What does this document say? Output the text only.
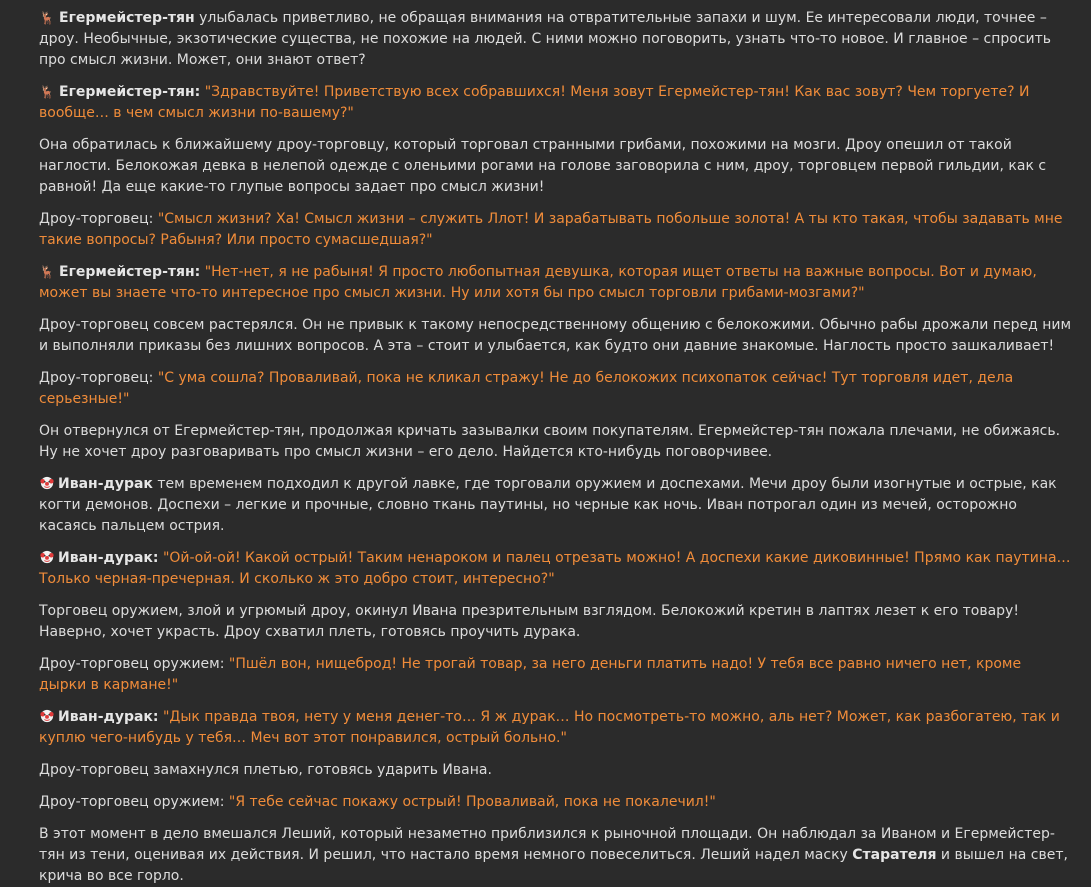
🦌Егермейстер-тян улыбалась приветливо, не обращая внимания на отвратительные запахи и шум. Ее интересовали люди, точнее – дроу. Необычные, экзотические существа, не похожие на людей. С ними можно поговорить, узнать что-то новое. И главное – спросить про смысл жизни. Может, они знают ответ?

🦌Егермейстер-тян: "Здравствуйте! Приветствую всех собравшихся! Меня зовут Егермейстер-тян! Как вас зовут? Чем торгуете? И вообще… в чем смысл жизни по-вашему?"

Она обратилась к ближайшему дроу-торговцу, который торговал странными грибами, похожими на мозги. Дроу опешил от такой наглости. Белокожая девка в нелепой одежде с оленьими рогами на голове заговорила с ним, дроу, торговцем первой гильдии, как с равной! Да еще какие-то глупые вопросы задает про смысл жизни!

Дроу-торговец: "Смысл жизни? Ха! Смысл жизни – служить Ллот! И зарабатывать побольше золота! А ты кто такая, чтобы задавать мне такие вопросы? Рабыня? Или просто сумасшедшая?"

🦌Егермейстер-тян: "Нет-нет, я не рабыня! Я просто любопытная девушка, которая ищет ответы на важные вопросы. Вот и думаю, может вы знаете что-то интересное про смысл жизни. Ну или хотя бы про смысл торговли грибами-мозгами?"

Дроу-торговец совсем растерялся. Он не привык к такому непосредственному общению с белокожими. Обычно рабы дрожали перед ним и выполняли приказы без лишних вопросов. А эта – стоит и улыбается, как будто они давние знакомые. Наглость просто зашкаливает!

Дроу-торговец: "С ума сошла? Проваливай, пока не кликал стражу! Не до белокожих психопаток сейчас! Тут торговля идет, дела серьезные!"

Он отвернулся от Егермейстер-тян, продолжая кричать зазывалки своим покупателям. Егермейстер-тян пожала плечами, не обижаясь. Ну не хочет дроу разговаривать про смысл жизни – его дело. Найдется кто-нибудь поговорчивее.

Иван-дурак тем временем подходил к другой лавке, где торговали оружием и доспехами. Мечи дроу были изогнутые и острые, как когти демонов. Доспехи – легкие и прочные, словно ткань паутины, но черные как ночь. Иван потрогал один из мечей, осторожно касаясь пальцем острия.

Иван-дурак: "Ой-ой-ой! Какой острый! Таким ненароком и палец отрезать можно! А доспехи какие диковинные! Прямо как паутина… Только черная-пречерная. И сколько ж это добро стоит, интересно?"

Торговец оружием, злой и угрюмый дроу, окинул Ивана презрительным взглядом. Белокожий кретин в лаптях лезет к его товару! Наверно, хочет украсть. Дроу схватил плеть, готовясь проучить дурака.

Дроу-торговец оружием: "Пшёл вон, нищеброд! Не трогай товар, за него деньги платить надо! У тебя все равно ничего нет, кроме дырки в кармане!"

Иван-дурак: "Дык правда твоя, нету у меня денег-то… Я ж дурак… Но посмотреть-то можно, аль нет? Может, как разбогатею, так и куплю чего-нибудь у тебя… Меч вот этот понравился, острый больно."

Дроу-торговец замахнулся плетью, готовясь ударить Ивана.

Дроу-торговец оружием: "Я тебе сейчас покажу острый! Проваливай, пока не покалечил!"

В этот момент в дело вмешался Леший, который незаметно приблизился к рыночной площади. Он наблюдал за Иваном и Егермейстер-тян из тени, оценивая их действия. И решил, что настало время немного повеселиться. Леший надел маску Старателя и вышел на свет, крича во все горло.
